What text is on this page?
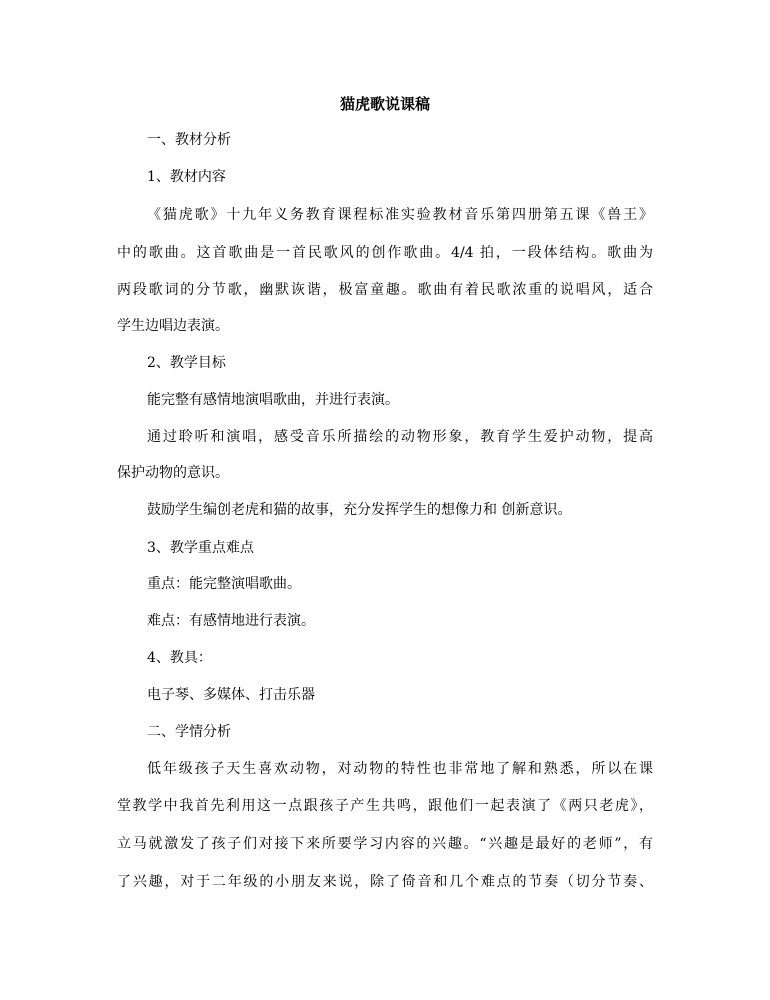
猫虎歌说课稿
一、教材分析
1、教材内容
《猫虎歌》十九年义务教育课程标准实验教材音乐第四册第五课《兽王》
中的歌曲。这首歌曲是一首民歌风的创作歌曲。4/4 拍，一段体结构。歌曲为
两段歌词的分节歌，幽默诙谐，极富童趣。歌曲有着民歌浓重的说唱风，适合
学生边唱边表演。
2、教学目标
能完整有感情地演唱歌曲，并进行表演。
通过聆听和演唱，感受音乐所描绘的动物形象，教育学生爱护动物，提高
保护动物的意识。
鼓励学生编创老虎和猫的故事，充分发挥学生的想像力和 创新意识。
3、教学重点难点
重点：能完整演唱歌曲。
难点：有感情地进行表演。
4、教具：
电子琴、多媒体、打击乐器
二、学情分析
低年级孩子天生喜欢动物，对动物的特性也非常地了解和熟悉，所以在课
堂教学中我首先利用这一点跟孩子产生共鸣，跟他们一起表演了《两只老虎》，
立马就激发了孩子们对接下来所要学习内容的兴趣。“兴趣是最好的老师”，有
了兴趣，对于二年级的小朋友来说，除了倚音和几个难点的节奏（切分节奏、
